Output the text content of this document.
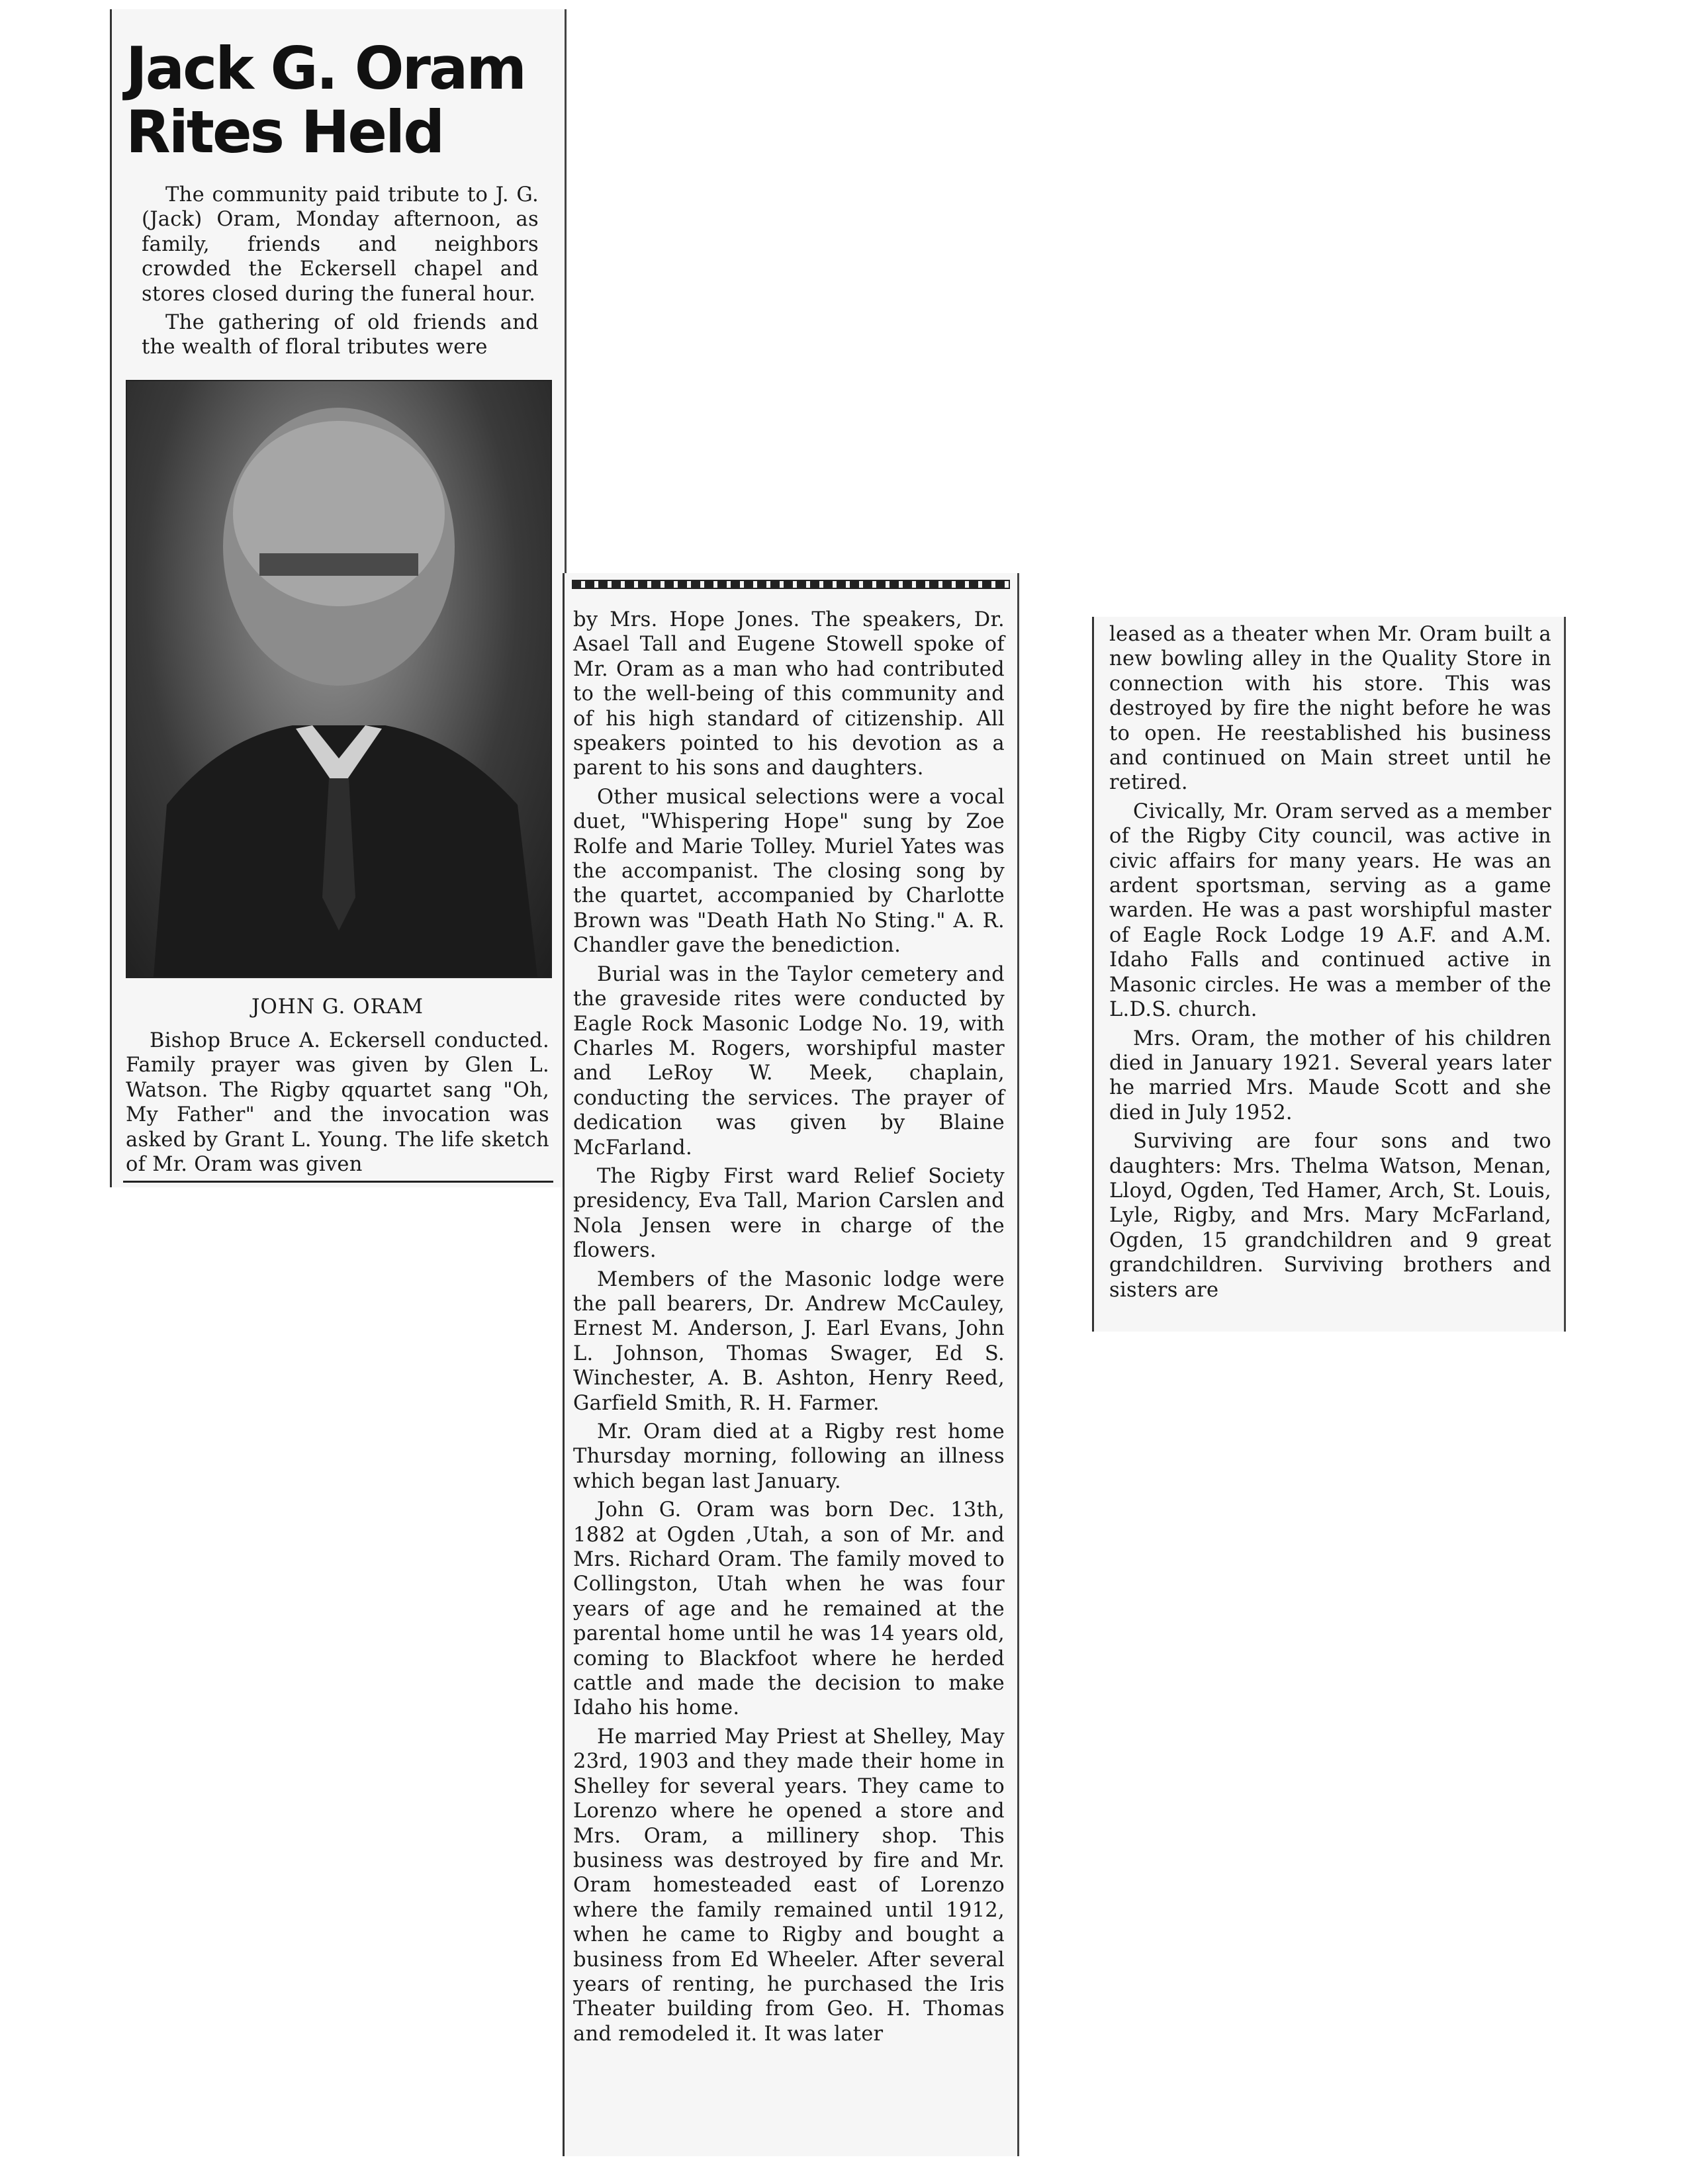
Jack G. Oram
Rites Held

The community paid tribute to J. G. (Jack) Oram, Monday afternoon, as family, friends and neighbors crowded the Eckersell chapel and stores closed during the funeral hour.

The gathering of old friends and the wealth of floral tributes were

JOHN G. ORAM

Bishop Bruce A. Eckersell conducted. Family prayer was given by Glen L. Watson. The Rigby qquartet sang "Oh, My Father" and the invocation was asked by Grant L. Young. The life sketch of Mr. Oram was given

by Mrs. Hope Jones. The speakers, Dr. Asael Tall and Eugene Stowell spoke of Mr. Oram as a man who had contributed to the well-being of this community and of his high standard of citizenship. All speakers pointed to his devotion as a parent to his sons and daughters.

Other musical selections were a vocal duet, "Whispering Hope" sung by Zoe Rolfe and Marie Tolley. Muriel Yates was the accompanist. The closing song by the quartet, accompanied by Charlotte Brown was "Death Hath No Sting." A. R. Chandler gave the benediction.

Burial was in the Taylor cemetery and the graveside rites were conducted by Eagle Rock Masonic Lodge No. 19, with Charles M. Rogers, worshipful master and LeRoy W. Meek, chaplain, conducting the services. The prayer of dedication was given by Blaine McFarland.

The Rigby First ward Relief Society presidency, Eva Tall, Marion Carslen and Nola Jensen were in charge of the flowers.

Members of the Masonic lodge were the pall bearers, Dr. Andrew McCauley, Ernest M. Anderson, J. Earl Evans, John L. Johnson, Thomas Swager, Ed S. Winchester, A. B. Ashton, Henry Reed, Garfield Smith, R. H. Farmer.

Mr. Oram died at a Rigby rest home Thursday morning, following an illness which began last January.

John G. Oram was born Dec. 13th, 1882 at Ogden ,Utah, a son of Mr. and Mrs. Richard Oram. The family moved to Collingston, Utah when he was four years of age and he remained at the parental home until he was 14 years old, coming to Blackfoot where he herded cattle and made the decision to make Idaho his home.

He married May Priest at Shelley, May 23rd, 1903 and they made their home in Shelley for several years. They came to Lorenzo where he opened a store and Mrs. Oram, a millinery shop. This business was destroyed by fire and Mr. Oram homesteaded east of Lorenzo where the family remained until 1912, when he came to Rigby and bought a business from Ed Wheeler. After several years of renting, he purchased the Iris Theater building from Geo. H. Thomas and remodeled it. It was later

leased as a theater when Mr. Oram built a new bowling alley in the Quality Store in connection with his store. This was destroyed by fire the night before he was to open. He reestablished his business and continued on Main street until he retired.

Civically, Mr. Oram served as a member of the Rigby City council, was active in civic affairs for many years. He was an ardent sportsman, serving as a game warden. He was a past worshipful master of Eagle Rock Lodge 19 A.F. and A.M. Idaho Falls and continued active in Masonic circles. He was a member of the L.D.S. church.

Mrs. Oram, the mother of his children died in January 1921. Several years later he married Mrs. Maude Scott and she died in July 1952.

Surviving are four sons and two daughters: Mrs. Thelma Watson, Menan, Lloyd, Ogden, Ted Hamer, Arch, St. Louis, Lyle, Rigby, and Mrs. Mary McFarland, Ogden, 15 grandchildren and 9 great grandchildren. Surviving brothers and sisters are
